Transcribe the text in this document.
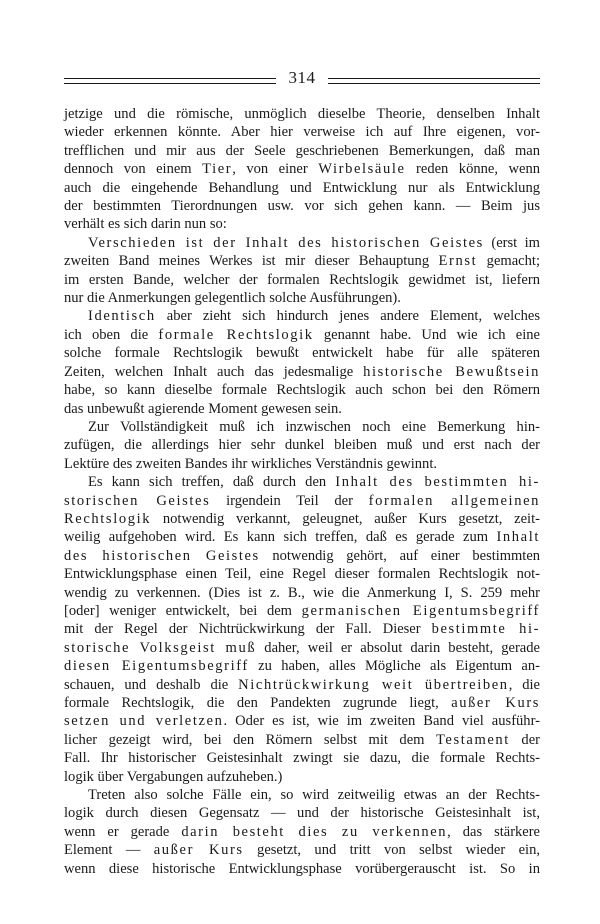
314
jetzige und die römische, unmöglich dieselbe Theorie, denselben Inhalt
wieder erkennen könnte. Aber hier verweise ich auf Ihre eigenen, vor-
trefflichen und mir aus der Seele geschriebenen Bemerkungen, daß man
dennoch von einem Tier, von einer Wirbelsäule reden könne, wenn
auch die eingehende Behandlung und Entwicklung nur als Entwicklung
der bestimmten Tierordnungen usw. vor sich gehen kann. — Beim jus
verhält es sich darin nun so:
Verschieden ist der Inhalt des historischen Geistes (erst im
zweiten Band meines Werkes ist mir dieser Behauptung Ernst gemacht;
im ersten Bande, welcher der formalen Rechtslogik gewidmet ist, liefern
nur die Anmerkungen gelegentlich solche Ausführungen).
Identisch aber zieht sich hindurch jenes andere Element, welches
ich oben die formale Rechtslogik genannt habe. Und wie ich eine
solche formale Rechtslogik bewußt entwickelt habe für alle späteren
Zeiten, welchen Inhalt auch das jedesmalige historische Bewußtsein
habe, so kann dieselbe formale Rechtslogik auch schon bei den Römern
das unbewußt agierende Moment gewesen sein.
Zur Vollständigkeit muß ich inzwischen noch eine Bemerkung hin-
zufügen, die allerdings hier sehr dunkel bleiben muß und erst nach der
Lektüre des zweiten Bandes ihr wirkliches Verständnis gewinnt.
Es kann sich treffen, daß durch den Inhalt des bestimmten hi-
storischen Geistes irgendein Teil der formalen allgemeinen
Rechtslogik notwendig verkannt, geleugnet, außer Kurs gesetzt, zeit-
weilig aufgehoben wird. Es kann sich treffen, daß es gerade zum Inhalt
des historischen Geistes notwendig gehört, auf einer bestimmten
Entwicklungsphase einen Teil, eine Regel dieser formalen Rechtslogik not-
wendig zu verkennen. (Dies ist z. B., wie die Anmerkung I, S. 259 mehr
[oder] weniger entwickelt, bei dem germanischen Eigentumsbegriff
mit der Regel der Nichtrückwirkung der Fall. Dieser bestimmte hi-
storische Volksgeist muß daher, weil er absolut darin besteht, gerade
diesen Eigentumsbegriff zu haben, alles Mögliche als Eigentum an-
schauen, und deshalb die Nichtrückwirkung weit übertreiben, die
formale Rechtslogik, die den Pandekten zugrunde liegt, außer Kurs
setzen und verletzen. Oder es ist, wie im zweiten Band viel ausführ-
licher gezeigt wird, bei den Römern selbst mit dem Testament der
Fall. Ihr historischer Geistesinhalt zwingt sie dazu, die formale Rechts-
logik über Vergabungen aufzuheben.)
Treten also solche Fälle ein, so wird zeitweilig etwas an der Rechts-
logik durch diesen Gegensatz — und der historische Geistesinhalt ist,
wenn er gerade darin besteht dies zu verkennen, das stärkere
Element — außer Kurs gesetzt, und tritt von selbst wieder ein,
wenn diese historische Entwicklungsphase vorübergerauscht ist. So in
